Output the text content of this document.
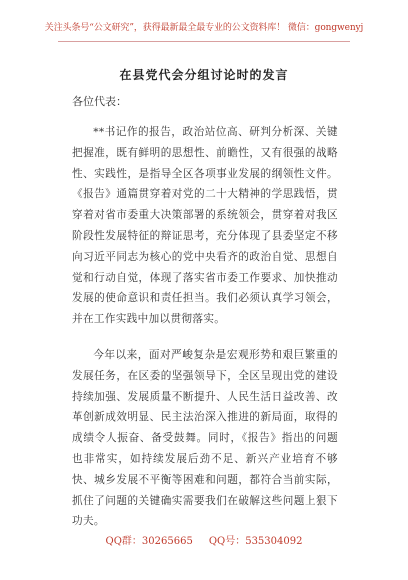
关注头条号“公文研究”，获得最新最全最专业的公文资料库！ 微信：gongwenyj
在县党代会分组讨论时的发言
各位代表：

**书记作的报告，政治站位高、研判分析深、关键把握准，既有鲜明的思想性、前瞻性，又有很强的战略性、实践性，是指导全区各项事业发展的纲领性文件。《报告》通篇贯穿着对党的二十大精神的学思践悟，贯穿着对省市委重大决策部署的系统领会，贯穿着对我区阶段性发展特征的辩证思考，充分体现了县委坚定不移向习近平同志为核心的党中央看齐的政治自觉、思想自觉和行动自觉，体现了落实省市委工作要求、加快推动发展的使命意识和责任担当。我们必须认真学习领会，并在工作实践中加以贯彻落实。

今年以来，面对严峻复杂是宏观形势和艰巨繁重的发展任务，在区委的坚强领导下，全区呈现出党的建设持续加强、发展质量不断提升、人民生活日益改善、改革创新成效明显、民主法治深入推进的新局面，取得的成绩令人振奋、备受鼓舞。同时，《报告》指出的问题也非常实，如持续发展后劲不足、新兴产业培育不够快、城乡发展不平衡等困难和问题，都符合当前实际，抓住了问题的关键确实需要我们在破解这些问题上狠下功夫。

QQ群：30265665 QQ号：535304092
